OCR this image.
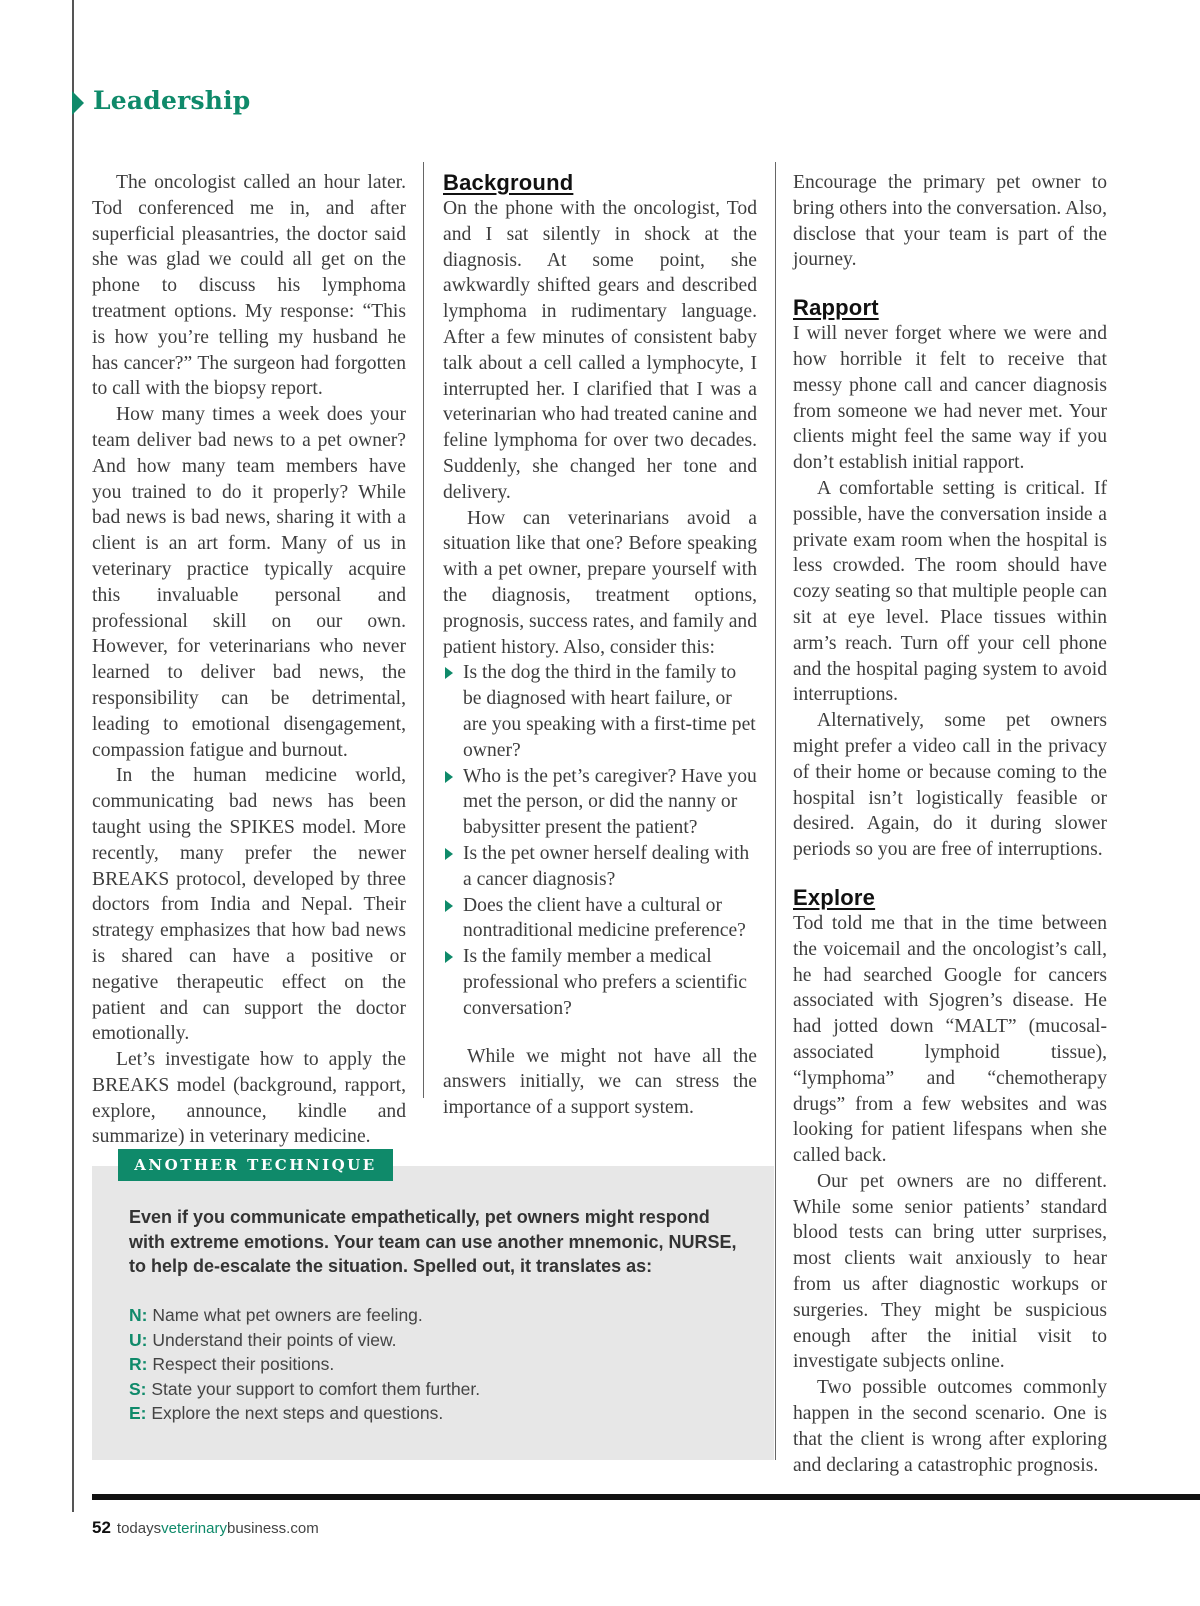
Leadership

The oncologist called an hour later. Tod conferenced me in, and after superficial pleasantries, the doctor said she was glad we could all get on the phone to discuss his lymphoma treatment options. My response: “This is how you’re telling my husband he has cancer?” The surgeon had forgotten to call with the biopsy report.

How many times a week does your team deliver bad news to a pet owner? And how many team members have you trained to do it properly? While bad news is bad news, sharing it with a client is an art form. Many of us in veterinary practice typically acquire this invaluable personal and professional skill on our own. However, for veterinarians who never learned to deliver bad news, the responsibility can be detrimental, leading to emotional disengagement, compassion fatigue and burnout.

In the human medicine world, communicating bad news has been taught using the SPIKES model. More recently, many prefer the newer BREAKS protocol, developed by three doctors from India and Nepal. Their strategy emphasizes that how bad news is shared can have a positive or negative therapeutic effect on the patient and can support the doctor emotionally.

Let’s investigate how to apply the BREAKS model (background, rapport, explore, announce, kindle and summarize) in veterinary medicine.

Background

On the phone with the oncologist, Tod and I sat silently in shock at the diagnosis. At some point, she awkwardly shifted gears and described lymphoma in rudimentary language. After a few minutes of consistent baby talk about a cell called a lymphocyte, I interrupted her. I clarified that I was a veterinarian who had treated canine and feline lymphoma for over two decades. Suddenly, she changed her tone and delivery.

How can veterinarians avoid a situation like that one? Before speaking with a pet owner, prepare yourself with the diagnosis, treatment options, prognosis, success rates, and family and patient history. Also, consider this:

Is the dog the third in the family to be diagnosed with heart failure, or are you speaking with a first-time pet owner?
Who is the pet’s caregiver? Have you met the person, or did the nanny or babysitter present the patient?
Is the pet owner herself dealing with a cancer diagnosis?
Does the client have a cultural or nontraditional medicine preference?
Is the family member a medical professional who prefers a scientific conversation?

While we might not have all the answers initially, we can stress the importance of a support system.

Encourage the primary pet owner to bring others into the conversation. Also, disclose that your team is part of the journey.

Rapport

I will never forget where we were and how horrible it felt to receive that messy phone call and cancer diagnosis from someone we had never met. Your clients might feel the same way if you don’t establish initial rapport.

A comfortable setting is critical. If possible, have the conversation inside a private exam room when the hospital is less crowded. The room should have cozy seating so that multiple people can sit at eye level. Place tissues within arm’s reach. Turn off your cell phone and the hospital paging system to avoid interruptions.

Alternatively, some pet owners might prefer a video call in the privacy of their home or because coming to the hospital isn’t logistically feasible or desired. Again, do it during slower periods so you are free of interruptions.

Explore

Tod told me that in the time between the voicemail and the oncologist’s call, he had searched Google for cancers associated with Sjogren’s disease. He had jotted down “MALT” (mucosal-associated lymphoid tissue), “lymphoma” and “chemotherapy drugs” from a few websites and was looking for patient lifespans when she called back.

Our pet owners are no different. While some senior patients’ standard blood tests can bring utter surprises, most clients wait anxiously to hear from us after diagnostic workups or surgeries. They might be suspicious enough after the initial visit to investigate subjects online.

Two possible outcomes commonly happen in the second scenario. One is that the client is wrong after exploring and declaring a catastrophic prognosis.

ANOTHER TECHNIQUE

Even if you communicate empathetically, pet owners might respond with extreme emotions. Your team can use another mnemonic, NURSE, to help de-escalate the situation. Spelled out, it translates as:

N: Name what pet owners are feeling.
U: Understand their points of view.
R: Respect their positions.
S: State your support to comfort them further.
E: Explore the next steps and questions.
52 todaysveterinarybusiness.com
